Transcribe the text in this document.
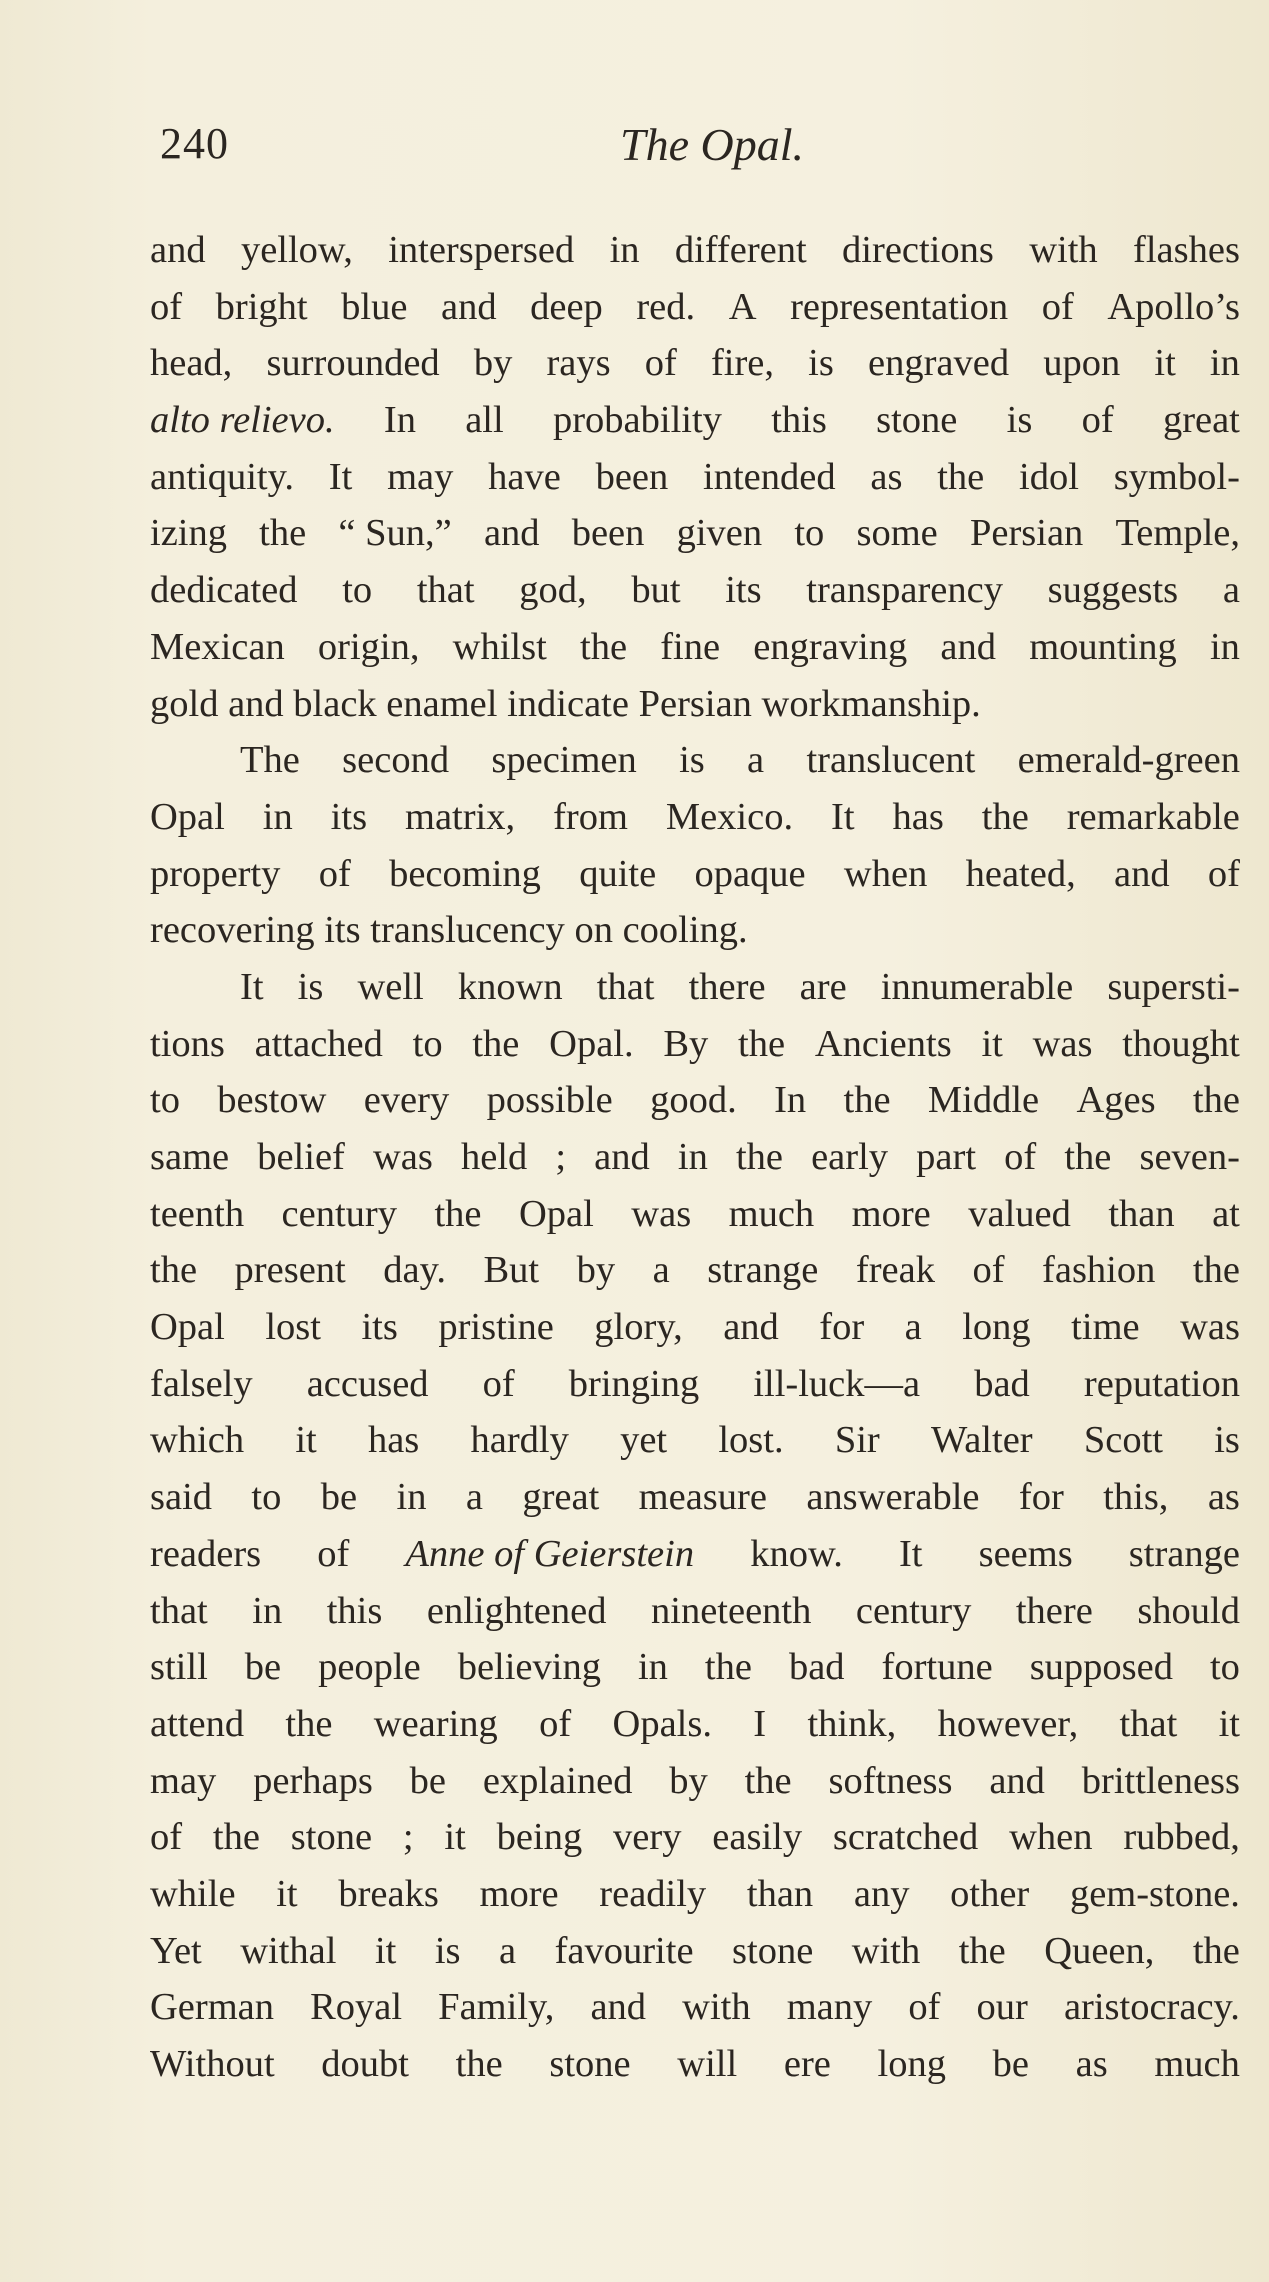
240	The Opal.
and yellow, interspersed in different directions with flashes
of bright blue and deep red. A representation of Apollo’s
head, surrounded by rays of fire, is engraved upon it in
alto relievo. In all probability this stone is of great
antiquity. It may have been intended as the idol symbol-
izing the “ Sun,” and been given to some Persian Temple,
dedicated to that god, but its transparency suggests a
Mexican origin, whilst the fine engraving and mounting in
gold and black enamel indicate Persian workmanship.
The second specimen is a translucent emerald-green
Opal in its matrix, from Mexico. It has the remarkable
property of becoming quite opaque when heated, and of
recovering its translucency on cooling.
It is well known that there are innumerable supersti-
tions attached to the Opal. By the Ancients it was thought
to bestow every possible good. In the Middle Ages the
same belief was held ; and in the early part of the seven-
teenth century the Opal was much more valued than at
the present day. But by a strange freak of fashion the
Opal lost its pristine glory, and for a long time was
falsely accused of bringing ill-luck—a bad reputation
which it has hardly yet lost. Sir Walter Scott is
said to be in a great measure answerable for this, as
readers of Anne of Geierstein know. It seems strange
that in this enlightened nineteenth century there should
still be people believing in the bad fortune supposed to
attend the wearing of Opals. I think, however, that it
may perhaps be explained by the softness and brittleness
of the stone ; it being very easily scratched when rubbed,
while it breaks more readily than any other gem-stone.
Yet withal it is a favourite stone with the Queen, the
German Royal Family, and with many of our aristocracy.
Without doubt the stone will ere long be as much
